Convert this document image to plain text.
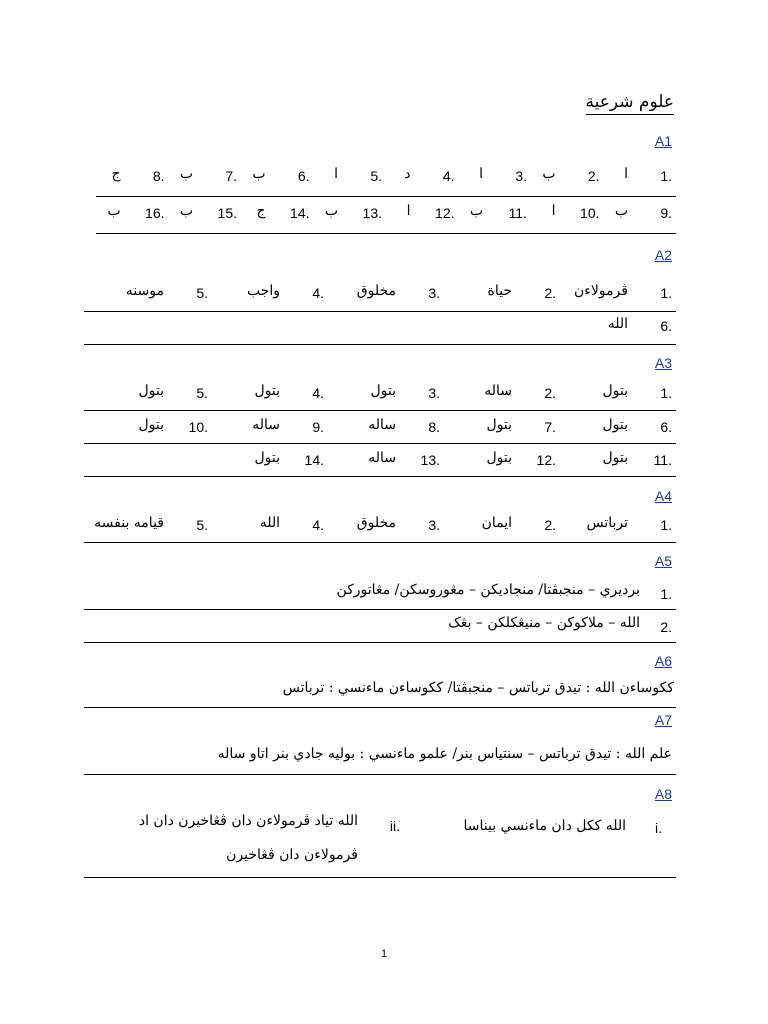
علوم شرعية
A1
1.
ا
2.
ب
3.
ا
4.
د
5.
ا
6.
ب
7.
ب
8.
ج
9.
ب
10.
ا
11.
ب
12.
ا
13.
ب
14.
ج
15.
ب
16.
ب
A2
1.
ڤرمولاءن
2.
حياة
3.
مخلوق
4.
واجب
5.
موسنه
6.
الله
A3
1.
بتول
2.
ساله
3.
بتول
4.
بتول
5.
بتول
6.
بتول
7.
بتول
8.
ساله
9.
ساله
10.
بتول
11.
بتول
12.
بتول
13.
ساله
14.
بتول
A4
1.
ترباتس
2.
ايمان
3.
مخلوق
4.
الله
5.
قيامه بنفسه
A5
1.
برديري – منجبڤتا/ منجاديکن – مڠوروسکن/ مڠاتورکن
2.
الله – ملاکوکن – منيڠکلکن – بڠک
A6
ککوساءن الله : تيدق ترباتس – منجبڤتا/ ککوساءن ماءنسي : ترباتس
A7
علم الله : تيدق ترباتس – سنتياس بنر/ علمو ماءنسي : بوليه جادي بنر اتاو ساله
A8
i.
الله ککل دان ماءنسي بيناسا
ii.
الله تياد ڤرمولاءن دان ڤڠاخيرن دان اد
ڤرمولاءن دان ڤڠاخيرن
1
